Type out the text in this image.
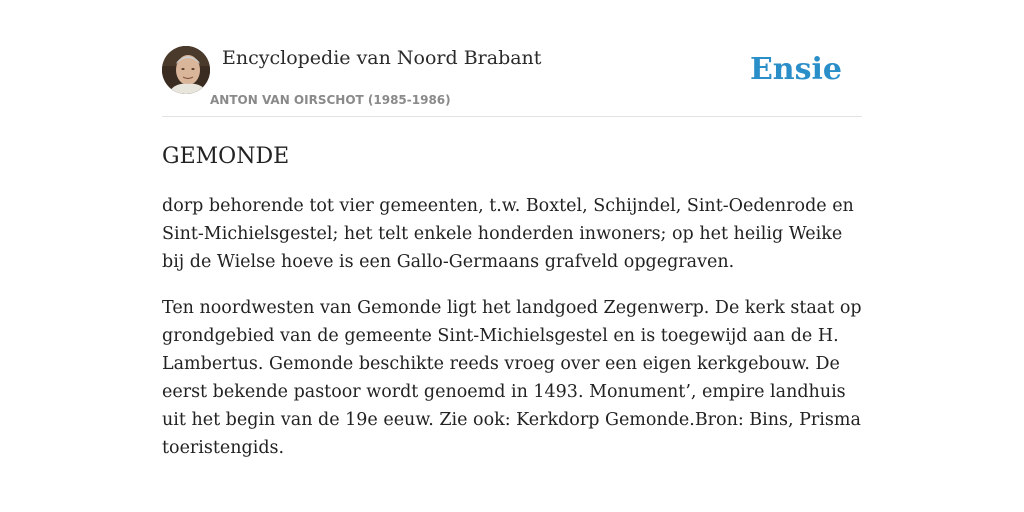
Encyclopedie van Noord Brabant
ANTON VAN OIRSCHOT (1985-1986)
Ensie
GEMONDE

dorp behorende tot vier gemeenten, t.w. Boxtel, Schijndel, Sint-Oedenrode en Sint-Michielsgestel; het telt enkele honderden inwoners; op het heilig Weike bij de Wielse hoeve is een Gallo-Germaans grafveld opgegraven.

Ten noordwesten van Gemonde ligt het landgoed Zegenwerp. De kerk staat op grondgebied van de gemeente Sint-Michielsgestel en is toegewijd aan de H. Lambertus. Gemonde beschikte reeds vroeg over een eigen kerkgebouw. De eerst bekende pastoor wordt genoemd in 1493. Monument’, empire landhuis uit het begin van de 19e eeuw. Zie ook: Kerkdorp Gemonde.Bron: Bins, Prisma toeristengids.
